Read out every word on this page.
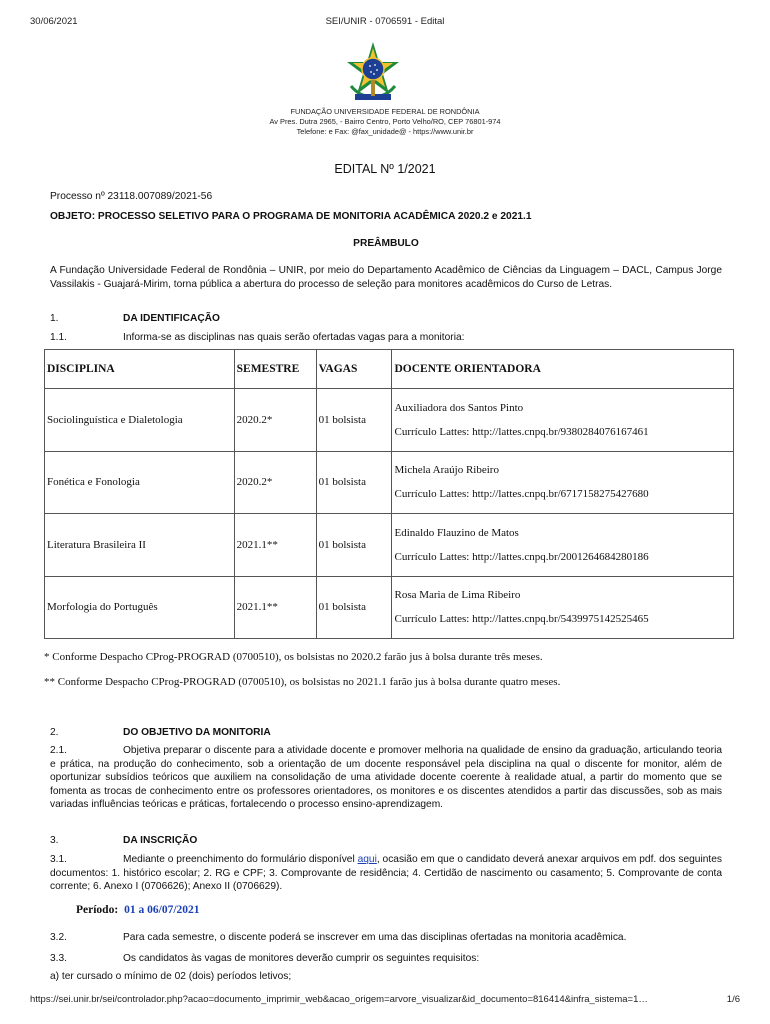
30/06/2021	SEI/UNIR - 0706591 - Edital
FUNDAÇÃO UNIVERSIDADE FEDERAL DE RONDÔNIA
Av Pres. Dutra 2965, - Bairro Centro, Porto Velho/RO, CEP 76801-974
Telefone: e Fax: @fax_unidade@ - https://www.unir.br
EDITAL Nº 1/2021
Processo nº 23118.007089/2021-56
OBJETO: PROCESSO SELETIVO PARA O PROGRAMA DE MONITORIA ACADÊMICA 2020.2 e 2021.1
PREÂMBULO
A Fundação Universidade Federal de Rondônia – UNIR, por meio do Departamento Acadêmico de Ciências da Linguagem – DACL, Campus Jorge Vassilakis - Guajará-Mirim, torna pública a abertura do processo de seleção para monitores acadêmicos do Curso de Letras.
1.	DA IDENTIFICAÇÃO
1.1.	Informa-se as disciplinas nas quais serão ofertadas vagas para a monitoria:
DISCIPLINA	SEMESTRE	VAGAS	DOCENTE ORIENTADORA
Sociolinguística e Dialetologia	2020.2*	01 bolsista	Auxiliadora dos Santos Pinto
Currículo Lattes: http://lattes.cnpq.br/9380284076167461

Fonética e Fonologia	2020.2*	01 bolsista	Michela Araújo Ribeiro
Currículo Lattes: http://lattes.cnpq.br/6717158275427680

Literatura Brasileira II	2021.1**	01 bolsista	Edinaldo Flauzino de Matos
Currículo Lattes: http://lattes.cnpq.br/2001264684280186

Morfologia do Português	2021.1**	01 bolsista	Rosa Maria de Lima Ribeiro
Currículo Lattes: http://lattes.cnpq.br/5439975142525465
* Conforme Despacho CProg-PROGRAD (0700510), os bolsistas no 2020.2 farão jus à bolsa durante três meses.
** Conforme Despacho CProg-PROGRAD (0700510), os bolsistas no 2021.1 farão jus à bolsa durante quatro meses.
2.	DO OBJETIVO DA MONITORIA
2.1.	Objetiva preparar o discente para a atividade docente e promover melhoria na qualidade de ensino da graduação, articulando teoria e prática, na produção do conhecimento, sob a orientação de um docente responsável pela disciplina na qual o discente for monitor, além de oportunizar subsídios teóricos que auxiliem na consolidação de uma atividade docente coerente à realidade atual, a partir do momento que se fomenta as trocas de conhecimento entre os professores orientadores, os monitores e os discentes atendidos a partir das discussões, sob as mais variadas influências teóricas e práticas, fortalecendo o processo ensino-aprendizagem.
3.	DA INSCRIÇÃO
3.1.	Mediante o preenchimento do formulário disponível aqui, ocasião em que o candidato deverá anexar arquivos em pdf. dos seguintes documentos: 1. histórico escolar; 2. RG e CPF; 3. Comprovante de residência; 4. Certidão de nascimento ou casamento; 5. Comprovante de conta corrente; 6. Anexo I (0706626); Anexo II (0706629).
Período: 01 a 06/07/2021
3.2.	Para cada semestre, o discente poderá se inscrever em uma das disciplinas ofertadas na monitoria acadêmica.
3.3.	Os candidatos às vagas de monitores deverão cumprir os seguintes requisitos:
a) ter cursado o mínimo de 02 (dois) períodos letivos;
https://sei.unir.br/sei/controlador.php?acao=documento_imprimir_web&acao_origem=arvore_visualizar&id_documento=816414&infra_sistema=1…	1/6
